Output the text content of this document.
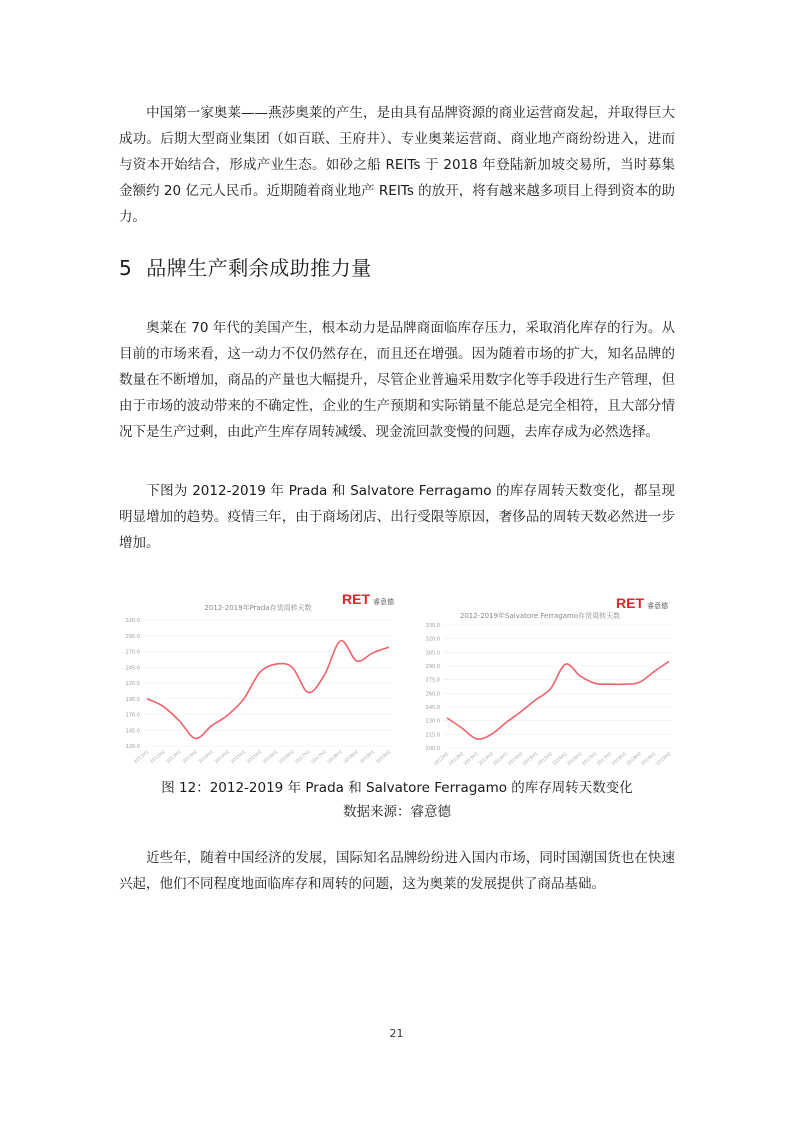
中国第一家奥莱——燕莎奥莱的产生，是由具有品牌资源的商业运营商发起，并取得巨大成功。后期大型商业集团（如百联、王府井）、专业奥莱运营商、商业地产商纷纷进入，进而与资本开始结合，形成产业生态。如砂之船 REITs 于 2018 年登陆新加坡交易所，当时募集金额约 20 亿元人民币。近期随着商业地产 REITs 的放开，将有越来越多项目上得到资本的助力。

5 品牌生产剩余成助推力量

奥莱在 70 年代的美国产生，根本动力是品牌商面临库存压力，采取消化库存的行为。从目前的市场来看，这一动力不仅仍然存在，而且还在增强。因为随着市场的扩大，知名品牌的数量在不断增加，商品的产量也大幅提升，尽管企业普遍采用数字化等手段进行生产管理，但由于市场的波动带来的不确定性，企业的生产预期和实际销量不能总是完全相符，且大部分情况下是生产过剩，由此产生库存周转减缓、现金流回款变慢的问题，去库存成为必然选择。

下图为 2012-2019 年 Prada 和 Salvatore Ferragamo 的库存周转天数变化，都呈现明显增加的趋势。疫情三年，由于商场闭店、出行受限等原因，奢侈品的周转天数必然进一步增加。

RET 睿意德
2012-2019年Prada存货周转天数
120.0
145.0
170.0
195.0
220.0
245.0
270.0
295.0
320.0
2012H1 2012H2 2013H1 2013H2 2014H1 2014H2 2015H1 2015H2 2016H1 2016H2 2017H1 2017H2 2018H1 2018H2 2019H1 2019H2
RET 睿意德
2012-2019年Salvatore Ferragamo存货周转天数
200.0
215.0
230.0
245.0
260.0
275.0
290.0
305.0
320.0
335.0
2012H1
2012H2
2013H1
2013H2
2014H1
2014H2
2015H1
2015H2
2016H1
2016H2
2017H1
2017H2
2018H1
2018H2
2019H1
2019H2
图 12：2012-2019 年 Prada 和 Salvatore Ferragamo 的库存周转天数变化
数据来源：睿意德

近些年，随着中国经济的发展，国际知名品牌纷纷进入国内市场，同时国潮国货也在快速兴起，他们不同程度地面临库存和周转的问题，这为奥莱的发展提供了商品基础。

21
